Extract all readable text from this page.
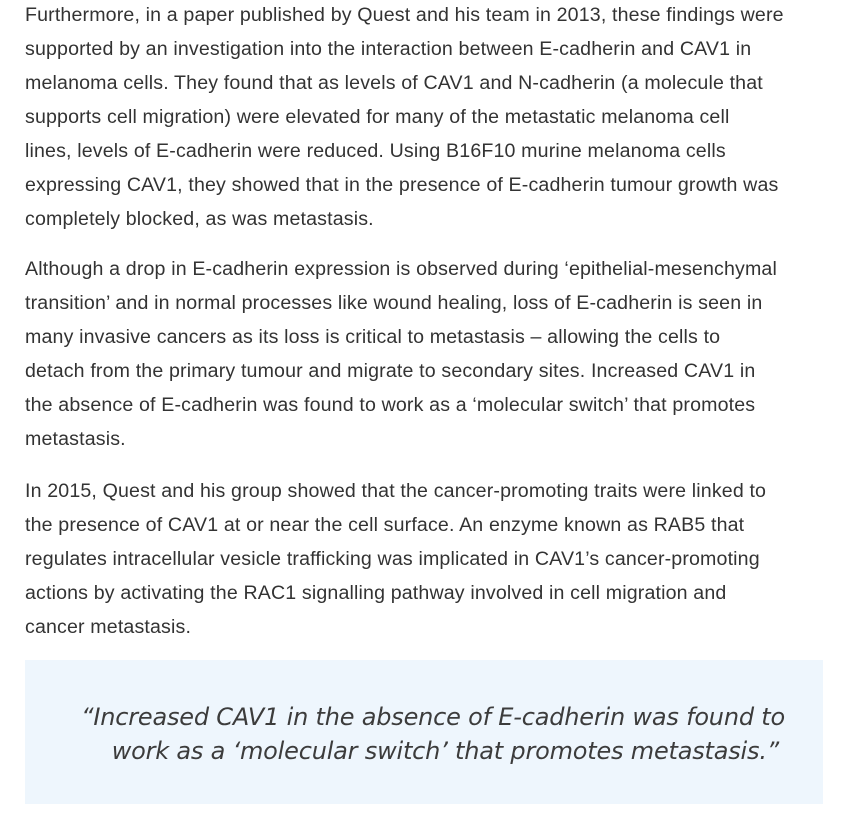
Furthermore, in a paper published by Quest and his team in 2013, these findings were
supported by an investigation into the interaction between E-cadherin and CAV1 in
melanoma cells. They found that as levels of CAV1 and N-cadherin (a molecule that
supports cell migration) were elevated for many of the metastatic melanoma cell
lines, levels of E-cadherin were reduced. Using B16F10 murine melanoma cells
expressing CAV1, they showed that in the presence of E-cadherin tumour growth was
completely blocked, as was metastasis.
Although a drop in E-cadherin expression is observed during ‘epithelial-mesenchymal
transition’ and in normal processes like wound healing, loss of E-cadherin is seen in
many invasive cancers as its loss is critical to metastasis – allowing the cells to
detach from the primary tumour and migrate to secondary sites. Increased CAV1 in
the absence of E-cadherin was found to work as a ‘molecular switch’ that promotes
metastasis.
In 2015, Quest and his group showed that the cancer-promoting traits were linked to
the presence of CAV1 at or near the cell surface. An enzyme known as RAB5 that
regulates intracellular vesicle trafficking was implicated in CAV1’s cancer-promoting
actions by activating the RAC1 signalling pathway involved in cell migration and
cancer metastasis.
“Increased CAV1 in the absence of E-cadherin was found to
work as a ‘molecular switch’ that promotes metastasis.”
